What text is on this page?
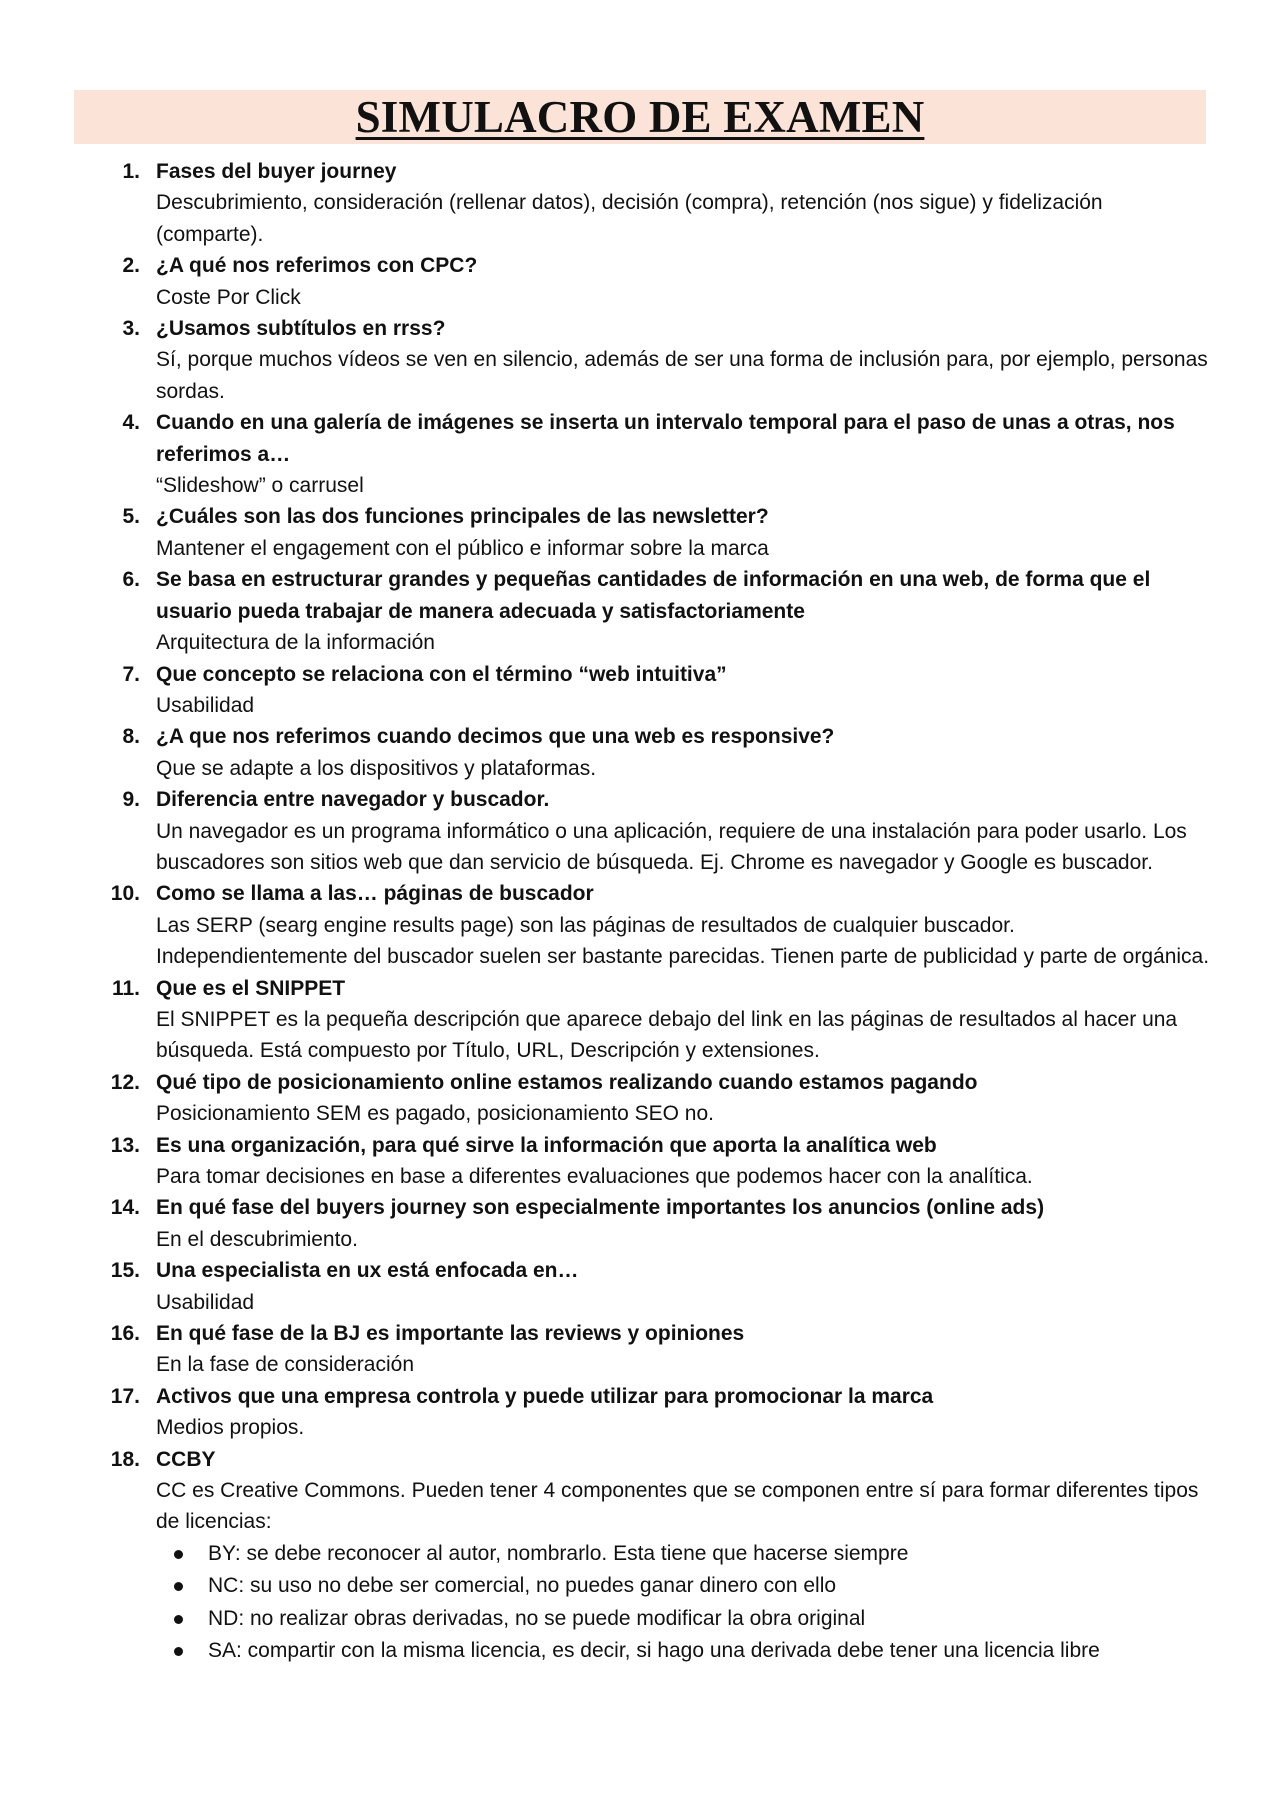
SIMULACRO DE EXAMEN
1. Fases del buyer journey
Descubrimiento, consideración (rellenar datos), decisión (compra), retención (nos sigue) y fidelización (comparte).
2. ¿A qué nos referimos con CPC?
Coste Por Click
3. ¿Usamos subtítulos en rrss?
Sí, porque muchos vídeos se ven en silencio, además de ser una forma de inclusión para, por ejemplo, personas sordas.
4. Cuando en una galería de imágenes se inserta un intervalo temporal para el paso de unas a otras, nos referimos a…
“Slideshow” o carrusel
5. ¿Cuáles son las dos funciones principales de las newsletter?
Mantener el engagement con el público e informar sobre la marca
6. Se basa en estructurar grandes y pequeñas cantidades de información en una web, de forma que el usuario pueda trabajar de manera adecuada y satisfactoriamente
Arquitectura de la información
7. Que concepto se relaciona con el término “web intuitiva”
Usabilidad
8. ¿A que nos referimos cuando decimos que una web es responsive?
Que se adapte a los dispositivos y plataformas.
9. Diferencia entre navegador y buscador.
Un navegador es un programa informático o una aplicación, requiere de una instalación para poder usarlo. Los buscadores son sitios web que dan servicio de búsqueda. Ej. Chrome es navegador y Google es buscador.
10. Como se llama a las… páginas de buscador
Las SERP (searg engine results page) son las páginas de resultados de cualquier buscador. Independientemente del buscador suelen ser bastante parecidas. Tienen parte de publicidad y parte de orgánica.
11. Que es el SNIPPET
El SNIPPET es la pequeña descripción que aparece debajo del link en las páginas de resultados al hacer una búsqueda. Está compuesto por Título, URL, Descripción y extensiones.
12. Qué tipo de posicionamiento online estamos realizando cuando estamos pagando
Posicionamiento SEM es pagado, posicionamiento SEO no.
13. Es una organización, para qué sirve la información que aporta la analítica web
Para tomar decisiones en base a diferentes evaluaciones que podemos hacer con la analítica.
14. En qué fase del buyers journey son especialmente importantes los anuncios (online ads)
En el descubrimiento.
15. Una especialista en ux está enfocada en…
Usabilidad
16. En qué fase de la BJ es importante las reviews y opiniones
En la fase de consideración
17. Activos que una empresa controla y puede utilizar para promocionar la marca
Medios propios.
18. CCBY
CC es Creative Commons. Pueden tener 4 componentes que se componen entre sí para formar diferentes tipos de licencias:
BY: se debe reconocer al autor, nombrarlo. Esta tiene que hacerse siempre
NC: su uso no debe ser comercial, no puedes ganar dinero con ello
ND: no realizar obras derivadas, no se puede modificar la obra original
SA: compartir con la misma licencia, es decir, si hago una derivada debe tener una licencia libre
